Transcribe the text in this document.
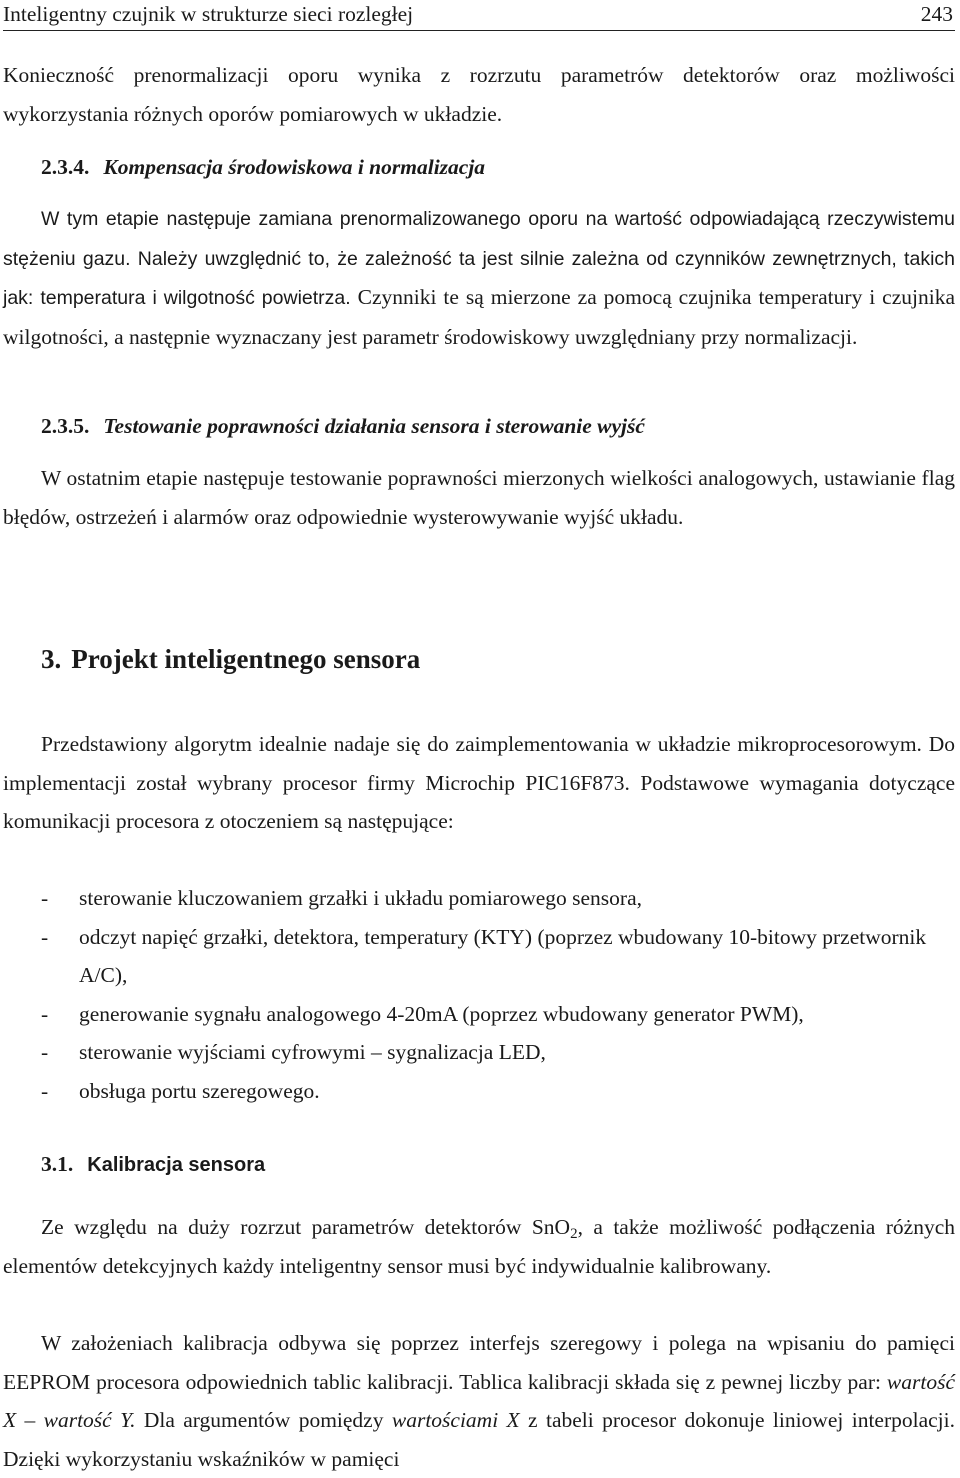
Inteligentny czujnik w strukturze sieci rozległej	243

Konieczność prenormalizacji oporu wynika z rozrzutu parametrów detektorów oraz możliwości wykorzystania różnych oporów pomiarowych w układzie.

2.3.4. Kompensacja środowiskowa i normalizacja

W tym etapie następuje zamiana prenormalizowanego oporu na wartość odpowiadającą rzeczywistemu stężeniu gazu. Należy uwzględnić to, że zależność ta jest silnie zależna od czynników zewnętrznych, takich jak: temperatura i wilgotność powietrza. Czynniki te są mierzone za pomocą czujnika temperatury i czujnika wilgotności, a następnie wyznaczany jest parametr środowiskowy uwzględniany przy normalizacji.

2.3.5. Testowanie poprawności działania sensora i sterowanie wyjść

W ostatnim etapie następuje testowanie poprawności mierzonych wielkości analogowych, ustawianie flag błędów, ostrzeżeń i alarmów oraz odpowiednie wysterowywanie wyjść układu.

3. Projekt inteligentnego sensora

Przedstawiony algorytm idealnie nadaje się do zaimplementowania w układzie mikroprocesorowym. Do implementacji został wybrany procesor firmy Microchip PIC16F873. Podstawowe wymagania dotyczące komunikacji procesora z otoczeniem są następujące:

- sterowanie kluczowaniem grzałki i układu pomiarowego sensora,
- odczyt napięć grzałki, detektora, temperatury (KTY) (poprzez wbudowany 10-bitowy przetwornik A/C),
- generowanie sygnału analogowego 4-20mA (poprzez wbudowany generator PWM),
- sterowanie wyjściami cyfrowymi – sygnalizacja LED,
- obsługa portu szeregowego.
3.1. Kalibracja sensora

Ze względu na duży rozrzut parametrów detektorów SnO$_2$, a także możliwość podłączenia różnych elementów detekcyjnych każdy inteligentny sensor musi być indywidualnie kalibrowany.

W założeniach kalibracja odbywa się poprzez interfejs szeregowy i polega na wpisaniu do pamięci EEPROM procesora odpowiednich tablic kalibracji. Tablica kalibracji składa się z pewnej liczby par: wartość X – wartość Y. Dla argumentów pomiędzy wartościami X z tabeli procesor dokonuje liniowej interpolacji. Dzięki wykorzystaniu wskaźników w pamięci
